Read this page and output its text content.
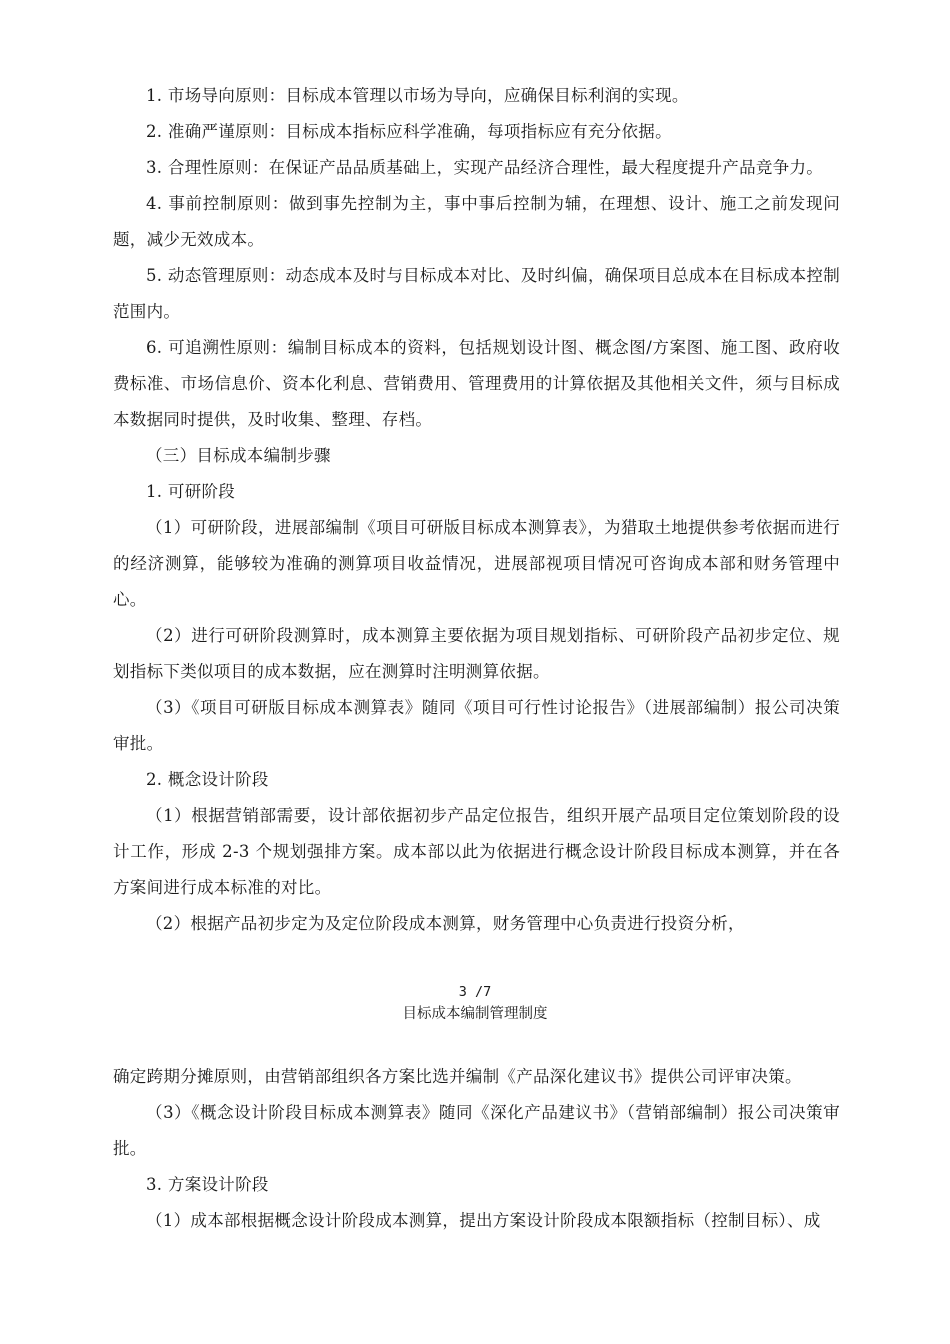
1. 市场导向原则：目标成本管理以市场为导向，应确保目标利润的实现。

2. 准确严谨原则：目标成本指标应科学准确，每项指标应有充分依据。

3. 合理性原则：在保证产品品质基础上，实现产品经济合理性，最大程度提升产品竞争力。

4. 事前控制原则：做到事先控制为主，事中事后控制为辅，在理想、设计、施工之前发现问题，减少无效成本。

5. 动态管理原则：动态成本及时与目标成本对比、及时纠偏，确保项目总成本在目标成本控制范围内。

6. 可追溯性原则：编制目标成本的资料，包括规划设计图、概念图/方案图、施工图、政府收费标准、市场信息价、资本化利息、营销费用、管理费用的计算依据及其他相关文件，须与目标成本数据同时提供，及时收集、整理、存档。

（三）目标成本编制步骤

1. 可研阶段

（1）可研阶段，进展部编制《项目可研版目标成本测算表》，为猎取土地提供参考依据而进行的经济测算，能够较为准确的测算项目收益情况，进展部视项目情况可咨询成本部和财务管理中心。

（2）进行可研阶段测算时，成本测算主要依据为项目规划指标、可研阶段产品初步定位、规划指标下类似项目的成本数据，应在测算时注明测算依据。

（3）《项目可研版目标成本测算表》随同《项目可行性讨论报告》（进展部编制）报公司决策审批。

2. 概念设计阶段

（1）根据营销部需要，设计部依据初步产品定位报告，组织开展产品项目定位策划阶段的设计工作，形成 2-3 个规划强排方案。成本部以此为依据进行概念设计阶段目标成本测算，并在各方案间进行成本标准的对比。

（2）根据产品初步定为及定位阶段成本测算，财务管理中心负责进行投资分析，

3 /7
目标成本编制管理制度

确定跨期分摊原则，由营销部组织各方案比选并编制《产品深化建议书》提供公司评审决策。

（3）《概念设计阶段目标成本测算表》随同《深化产品建议书》（营销部编制）报公司决策审批。

3. 方案设计阶段

（1）成本部根据概念设计阶段成本测算，提出方案设计阶段成本限额指标（控制目标）、成
